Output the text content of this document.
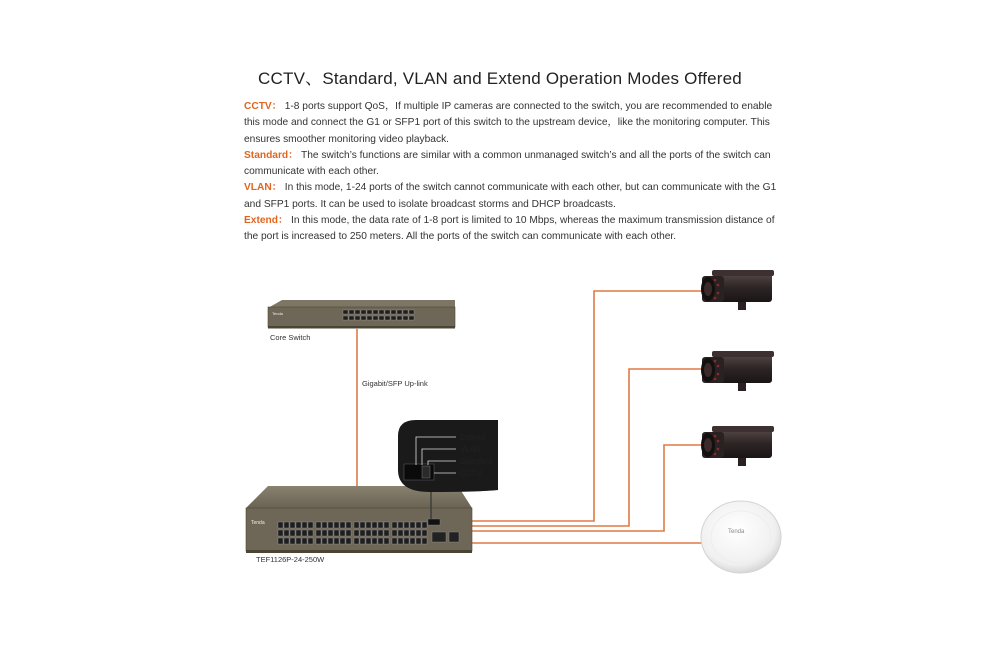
CCTV、Standard, VLAN and Extend Operation Modes Offered

CCTV： 1-8 ports support QoS，If multiple IP cameras are connected to the switch, you are recommended to enable this mode and connect the G1 or SFP1 port of this switch to the upstream device，like the monitoring computer. This ensures smoother monitoring video playback.

Standard： The switch’s functions are similar with a common unmanaged switch’s and all the ports of the switch can communicate with each other.

VLAN： In this mode, 1-24 ports of the switch cannot communicate with each other, but can communicate with the G1 and SFP1 ports. It can be used to isolate broadcast storms and DHCP broadcasts.

Extend： In this mode, the data rate of 1-8 port is limited to 10 Mbps, whereas the maximum transmission distance of the port is increased to 250 meters. All the ports of the switch can communicate with each other.

Tenda
Tenda
Tenda
Core Switch
Gigabit/SFP Up-link
TEF1126P-24-250W
Extend
VLAN
Standard
CCTV
